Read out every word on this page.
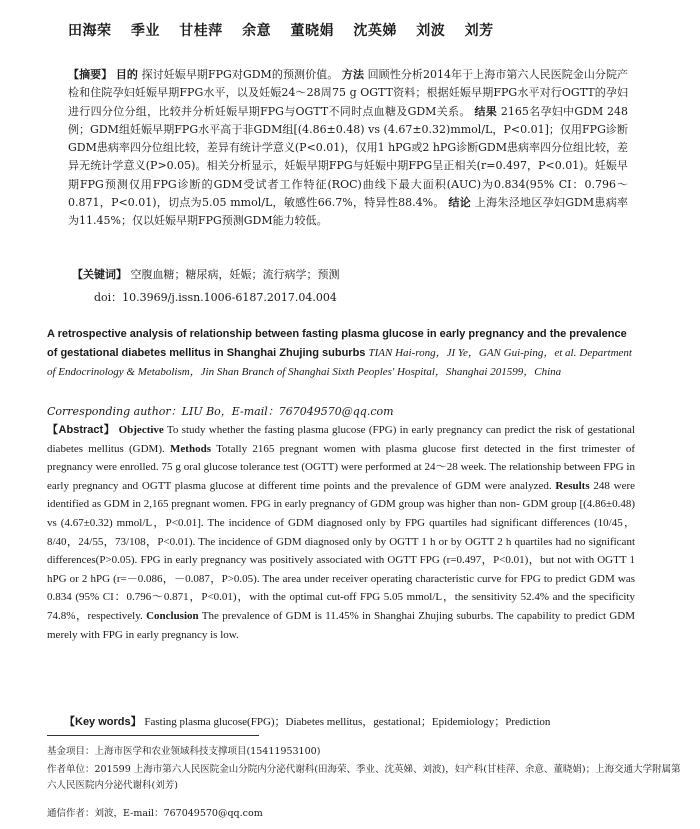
田海荣 季业 甘桂萍 余意 董晓娟 沈英娣 刘波 刘芳
【摘要】 目的 探讨妊娠早期FPG对GDM的预测价值。 方法 回顾性分析2014年于上海市第六人民医院金山分院产检和住院孕妇妊娠早期FPG水平，以及妊娠24～28周75 g OGTT资料；根据妊娠早期FPG水平对行OGTT的孕妇进行四分位分组，比较并分析妊娠早期FPG与OGTT不同时点血糖及GDM关系。 结果 2165名孕妇中GDM 248例；GDM组妊娠早期FPG水平高于非GDM组[(4.86±0.48) vs (4.67±0.32)mmol/L，P<0.01]；仅用FPG诊断GDM患病率四分位组比较，差异有统计学意义(P<0.01)，仅用1 hPG或2 hPG诊断GDM患病率四分位组比较，差异无统计学意义(P>0.05)。相关分析显示，妊娠早期FPG与妊娠中期FPG呈正相关(r=0.497，P<0.01)。妊娠早期FPG预测仅用FPG诊断的GDM受试者工作特征(ROC)曲线下最大面积(AUC)为0.834(95% CI：0.796～0.871，P<0.01)，切点为5.05 mmol/L，敏感性66.7%，特异性88.4%。 结论 上海朱泾地区孕妇GDM患病率为11.45%；仅以妊娠早期FPG预测GDM能力较低。
【关键词】 空腹血糖；糖尿病，妊娠；流行病学；预测
doi：10.3969/j.issn.1006-6187.2017.04.004
A retrospective analysis of relationship between fasting plasma glucose in early pregnancy and the prevalence of gestational diabetes mellitus in Shanghai Zhujing suburbs TIAN Hai-rong，JI Ye，GAN Gui-ping，et al. Department of Endocrinology & Metabolism，Jin Shan Branch of Shanghai Sixth Peoples' Hospital，Shanghai 201599，China
Corresponding author：LIU Bo，E-mail：767049570@qq.com
【Abstract】 Objective To study whether the fasting plasma glucose (FPG) in early pregnancy can predict the risk of gestational diabetes mellitus (GDM). Methods Totally 2165 pregnant women with plasma glucose first detected in the first trimester of pregnancy were enrolled. 75 g oral glucose tolerance test (OGTT) were performed at 24～28 week. The relationship between FPG in early pregnancy and OGTT plasma glucose at different time points and the prevalence of GDM were analyzed. Results 248 were identified as GDM in 2,165 pregnant women. FPG in early pregnancy of GDM group was higher than non- GDM group [(4.86±0.48) vs (4.67±0.32) mmol/L，P<0.01]. The incidence of GDM diagnosed only by FPG quartiles had significant differences (10/45，8/40，24/55，73/108，P<0.01). The incidence of GDM diagnosed only by OGTT 1 h or by OGTT 2 h quartiles had no significant differences(P>0.05). FPG in early pregnancy was positively associated with OGTT FPG (r=0.497，P<0.01)，but not with OGTT 1 hPG or 2 hPG (r=－0.086，－0.087，P>0.05). The area under receiver operating characteristic curve for FPG to predict GDM was 0.834 (95% CI：0.796～0.871，P<0.01)，with the optimal cut-off FPG 5.05 mmol/L，the sensitivity 52.4% and the specificity 74.8%，respectively. Conclusion The prevalence of GDM is 11.45% in Shanghai Zhujing suburbs. The capability to predict GDM merely with FPG in early pregnancy is low.
【Key words】 Fasting plasma glucose(FPG)；Diabetes mellitus，gestational；Epidemiology；Prediction
基金项目：上海市医学和农业领域科技支撑项目(15411953100)
作者单位：201599 上海市第六人民医院金山分院内分泌代谢科(田海荣、季业、沈英娣、刘波)，妇产科(甘桂萍、余意、董晓娟)；上海交通大学附属第六人民医院内分泌代谢科(刘芳)
通信作者：刘波，E-mail：767049570@qq.com
